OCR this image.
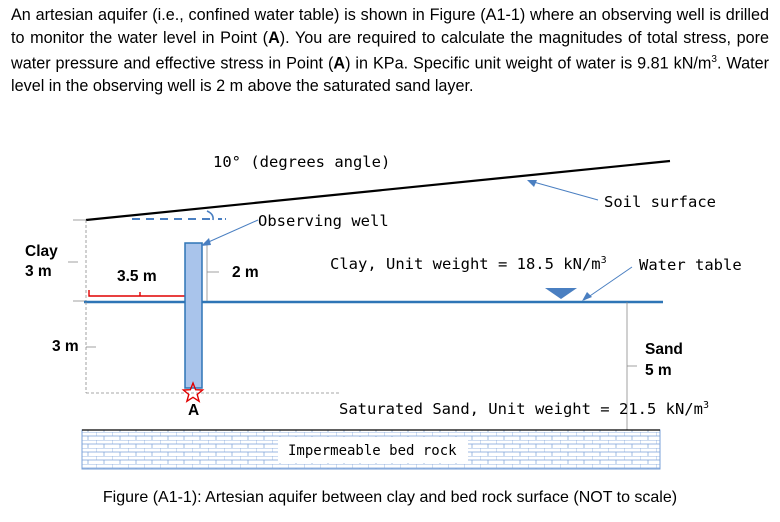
An artesian aquifer (i.e., confined water table) is shown in Figure (A1-1) where an observing well is drilled to monitor the water level in Point (A). You are required to calculate the magnitudes of total stress, pore water pressure and effective stress in Point (A) in KPa. Specific unit weight of water is 9.81 $kN/m^3$. Water level in the observing well is 2 m above the saturated sand layer.

10° (degrees angle)
Soil surface
Observing well
Clay
3 m	3.5 m	2 m	Clay, Unit weight = 18.5 $kN/m^3$ Water table
3 m
A
Sand
5 m
Saturated Sand, Unit weight = 21.5 $kN/m^3$
Impermeable bed rock
Figure (A1-1): Artesian aquifer between clay and bed rock surface (NOT to scale)
